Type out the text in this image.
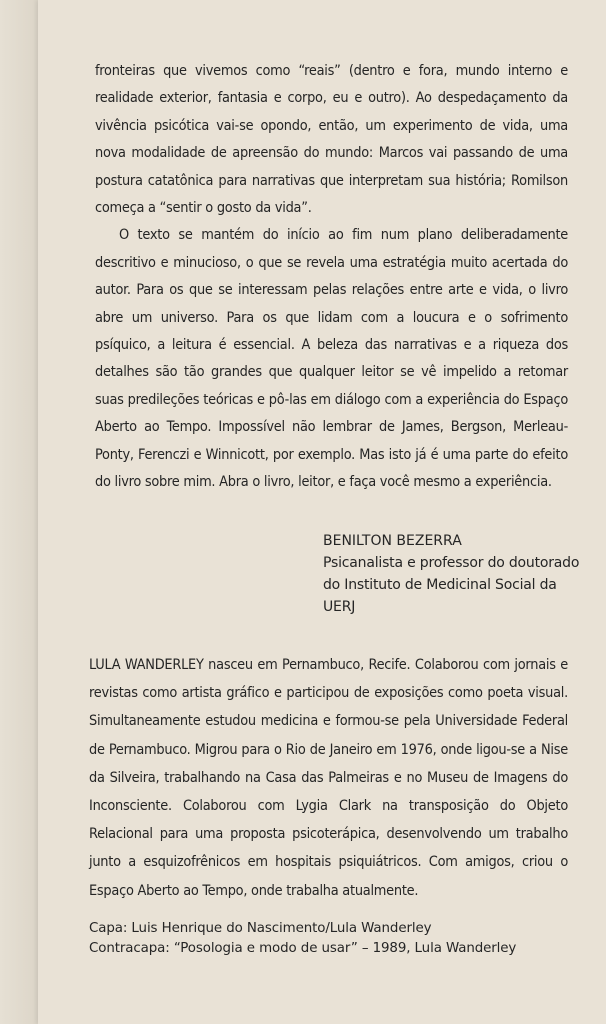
fronteiras que vivemos como “reais” (dentro e fora, mundo interno e realidade exterior, fantasia e corpo, eu e outro). Ao despedaçamento da vivência psicótica vai-se opondo, então, um experimento de vida, uma nova modalidade de apreensão do mundo: Marcos vai passando de uma postura catatônica para narrativas que interpretam sua história; Romilson começa a “sentir o gosto da vida”.

O texto se mantém do início ao fim num plano deliberadamente descritivo e minucioso, o que se revela uma estratégia muito acertada do autor. Para os que se interessam pelas relações entre arte e vida, o livro abre um universo. Para os que lidam com a loucura e o sofrimento psíquico, a leitura é essencial. A beleza das narrativas e a riqueza dos detalhes são tão grandes que qualquer leitor se vê impelido a retomar suas predileções teóricas e pô-las em diálogo com a experiência do Espaço Aberto ao Tempo. Impossível não lembrar de James, Bergson, Merleau-Ponty, Ferenczi e Winnicott, por exemplo. Mas isto já é uma parte do efeito do livro sobre mim. Abra o livro, leitor, e faça você mesmo a experiência.

BENILTON BEZERRA
Psicanalista e professor do doutorado
do Instituto de Medicinal Social da UERJ

LULA WANDERLEY nasceu em Pernambuco, Recife. Colaborou com jornais e revistas como artista gráfico e participou de exposições como poeta visual. Simultaneamente estudou medicina e formou-se pela Universidade Federal de Pernambuco. Migrou para o Rio de Janeiro em 1976, onde ligou-se a Nise da Silveira, trabalhando na Casa das Palmeiras e no Museu de Imagens do Inconsciente. Colaborou com Lygia Clark na transposição do Objeto Relacional para uma proposta psicoterápica, desenvolvendo um trabalho junto a esquizofrênicos em hospitais psiquiátricos. Com amigos, criou o Espaço Aberto ao Tempo, onde trabalha atualmente.

Capa: Luis Henrique do Nascimento/Lula Wanderley
Contracapa: “Posologia e modo de usar” – 1989, Lula Wanderley
